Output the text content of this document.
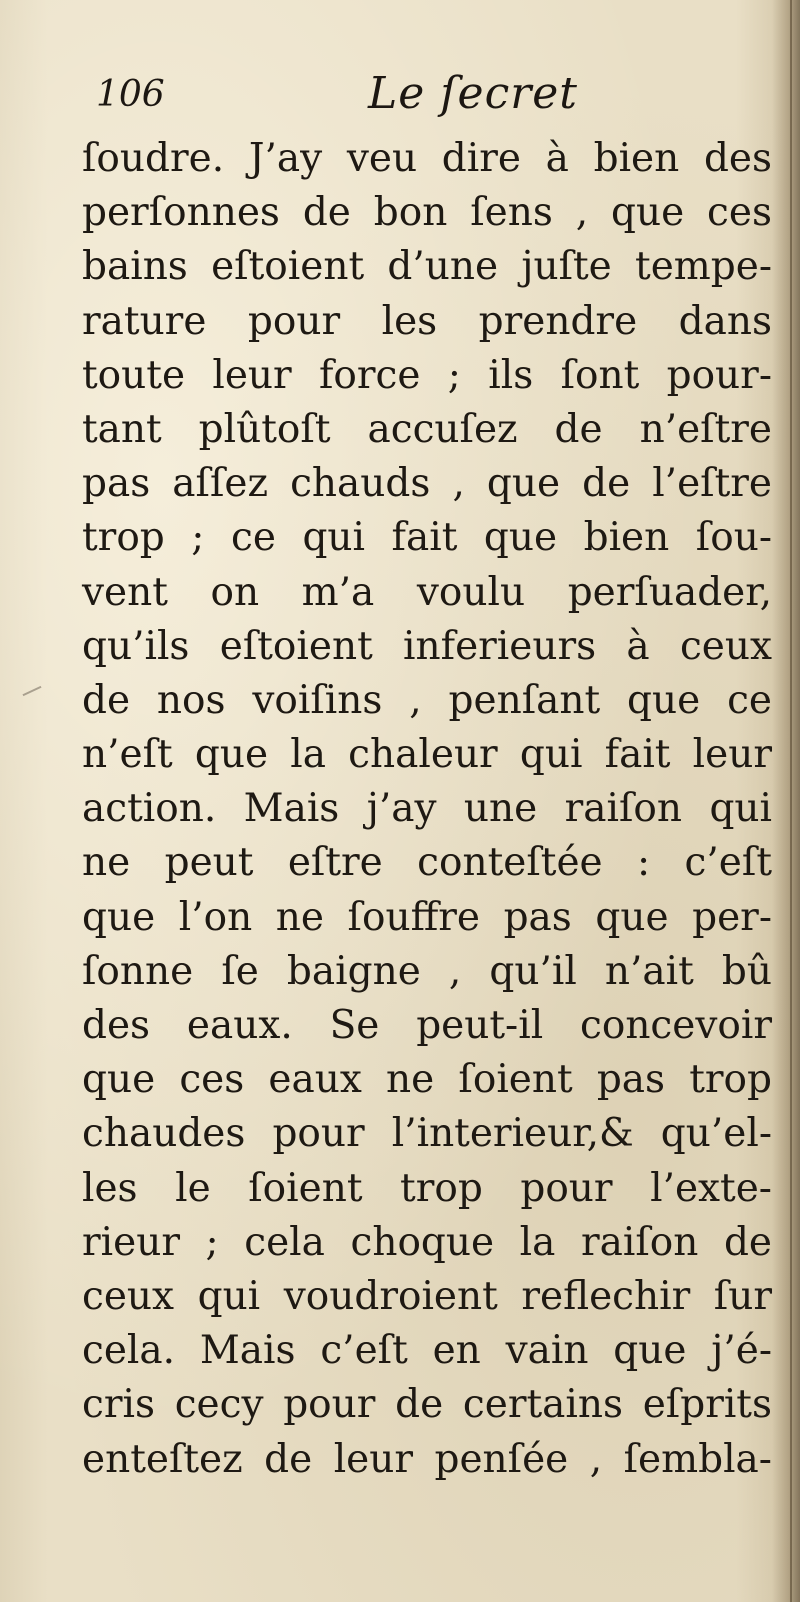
106	Le ſecret
ſoudre. J’ay veu dire à bien des
perſonnes de bon ſens , que ces
bains eſtoient d’une juſte tempe-
rature pour les prendre dans
toute leur force ; ils ſont pour-
tant plûtoſt accuſez de n’eſtre
pas aſſez chauds , que de l’eſtre
trop ; ce qui fait que bien ſou-
vent on m’a voulu perſuader,
qu’ils eſtoient inferieurs à ceux
de nos voiſins , penſant que ce
n’eſt que la chaleur qui fait leur
action. Mais j’ay une raiſon qui
ne peut eſtre conteſtée : c’eſt
que l’on ne ſouffre pas que per-
ſonne ſe baigne , qu’il n’ait bû
des eaux. Se peut-il concevoir
que ces eaux ne ſoient pas trop
chaudes pour l’interieur,& qu’el-
les le ſoient trop pour l’exte-
rieur ; cela choque la raiſon de
ceux qui voudroient reflechir ſur
cela. Mais c’eſt en vain que j’é-
cris cecy pour de certains eſprits
enteſtez de leur penſée , ſembla-
